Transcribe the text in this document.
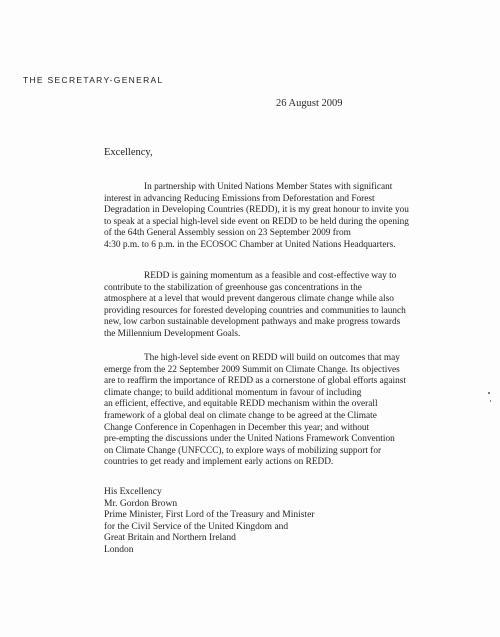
THE SECRETARY-GENERAL
26 August 2009
Excellency,
In partnership with United Nations Member States with significant
interest in advancing Reducing Emissions from Deforestation and Forest
Degradation in Developing Countries (REDD), it is my great honour to invite you
to speak at a special high-level side event on REDD to be held during the opening
of the 64th General Assembly session on 23 September 2009 from
4:30 p.m. to 6 p.m. in the ECOSOC Chamber at United Nations Headquarters.
REDD is gaining momentum as a feasible and cost-effective way to
contribute to the stabilization of greenhouse gas concentrations in the
atmosphere at a level that would prevent dangerous climate change while also
providing resources for forested developing countries and communities to launch
new, low carbon sustainable development pathways and make progress towards
the Millennium Development Goals.
The high-level side event on REDD will build on outcomes that may
emerge from the 22 September 2009 Summit on Climate Change. Its objectives
are to reaffirm the importance of REDD as a cornerstone of global efforts against
climate change; to build additional momentum in favour of including
an efficient, effective, and equitable REDD mechanism within the overall
framework of a global deal on climate change to be agreed at the Climate
Change Conference in Copenhagen in December this year; and without
pre-empting the discussions under the United Nations Framework Convention
on Climate Change (UNFCCC), to explore ways of mobilizing support for
countries to get ready and implement early actions on REDD.
His Excellency
Mr. Gordon Brown
Prime Minister, First Lord of the Treasury and Minister
for the Civil Service of the United Kingdom and
Great Britain and Northern Ireland
London
